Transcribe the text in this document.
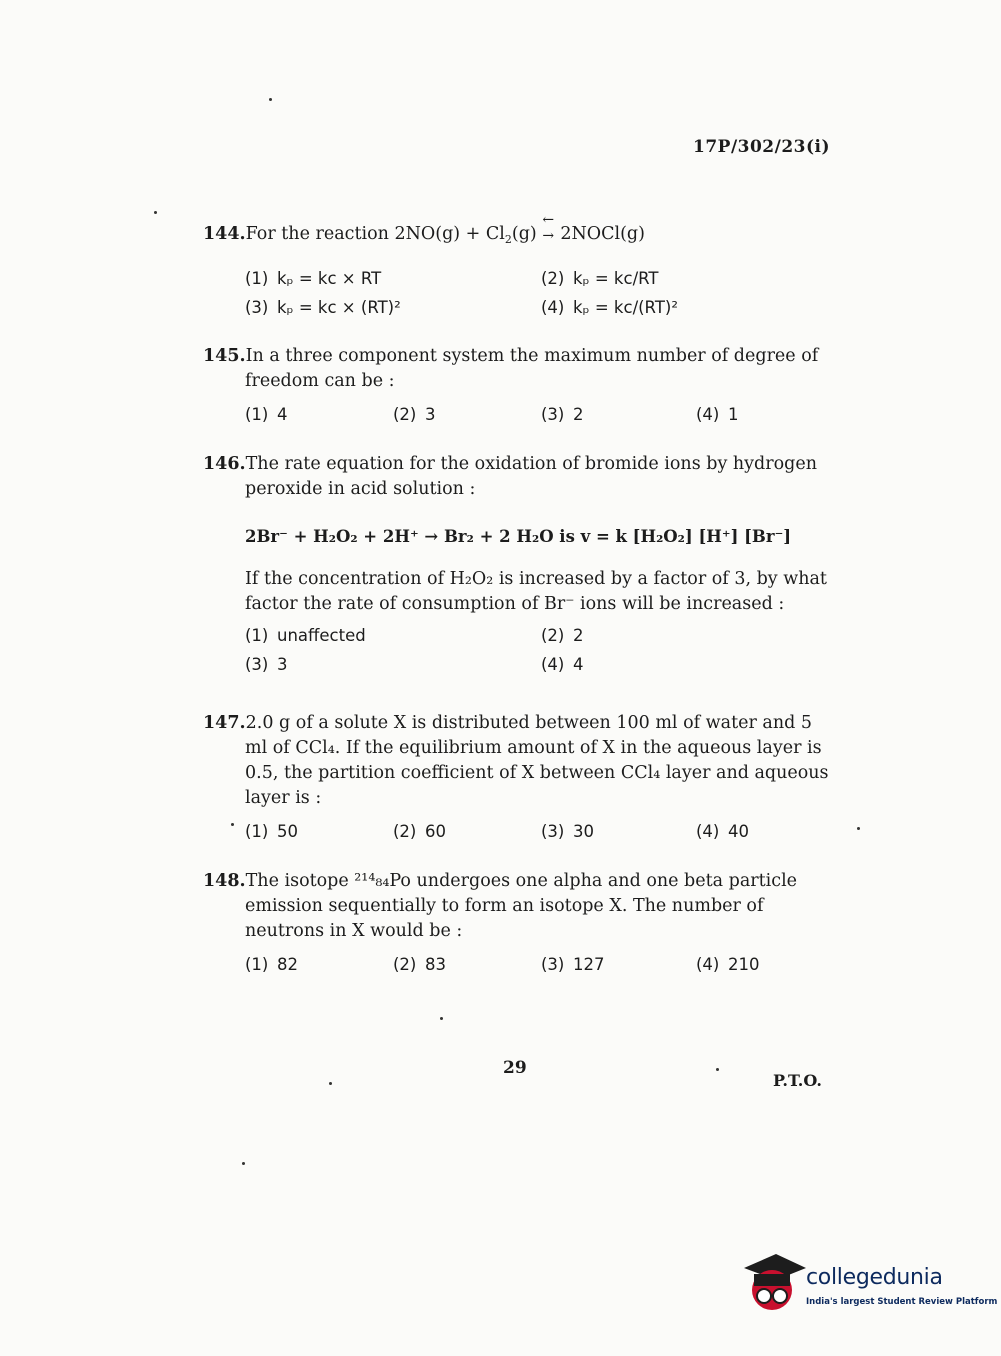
17P/302/23(i)
144.For the reaction $2NO(g) + Cl_2(g)$
←
→ 2NOCl(g)
(1) kₚ = kᴄ × RT	(2) kₚ = kᴄ/RT
(3) kₚ = kᴄ × (RT)²	(4) kₚ = kᴄ/(RT)²
145.In a three component system the maximum number of degree of
freedom can be :
(1) 4	(2) 3	(3) 2	(4) 1
146.The rate equation for the oxidation of bromide ions by hydrogen
peroxide in acid solution :
2Br⁻ + H₂O₂ + 2H⁺ → Br₂ + 2 H₂O is v = k [H₂O₂] [H⁺] [Br⁻]
If the concentration of H₂O₂ is increased by a factor of 3, by what
factor the rate of consumption of Br⁻ ions will be increased :
(1) unaffected	(2) 2
(3) 3	(4) 4
147.2.0 g of a solute X is distributed between 100 ml of water and 5
ml of CCl₄. If the equilibrium amount of X in the aqueous layer is
0.5, the partition coefficient of X between CCl₄ layer and aqueous
layer is :
(1) 50	(2) 60	(3) 30	(4) 40
148.The isotope ²¹⁴₈₄Po undergoes one alpha and one beta particle
emission sequentially to form an isotope X. The number of
neutrons in X would be :
(1) 82	(2) 83	(3) 127	(4) 210
29
P.T.O.
collegedunia
India's largest Student Review Platform
